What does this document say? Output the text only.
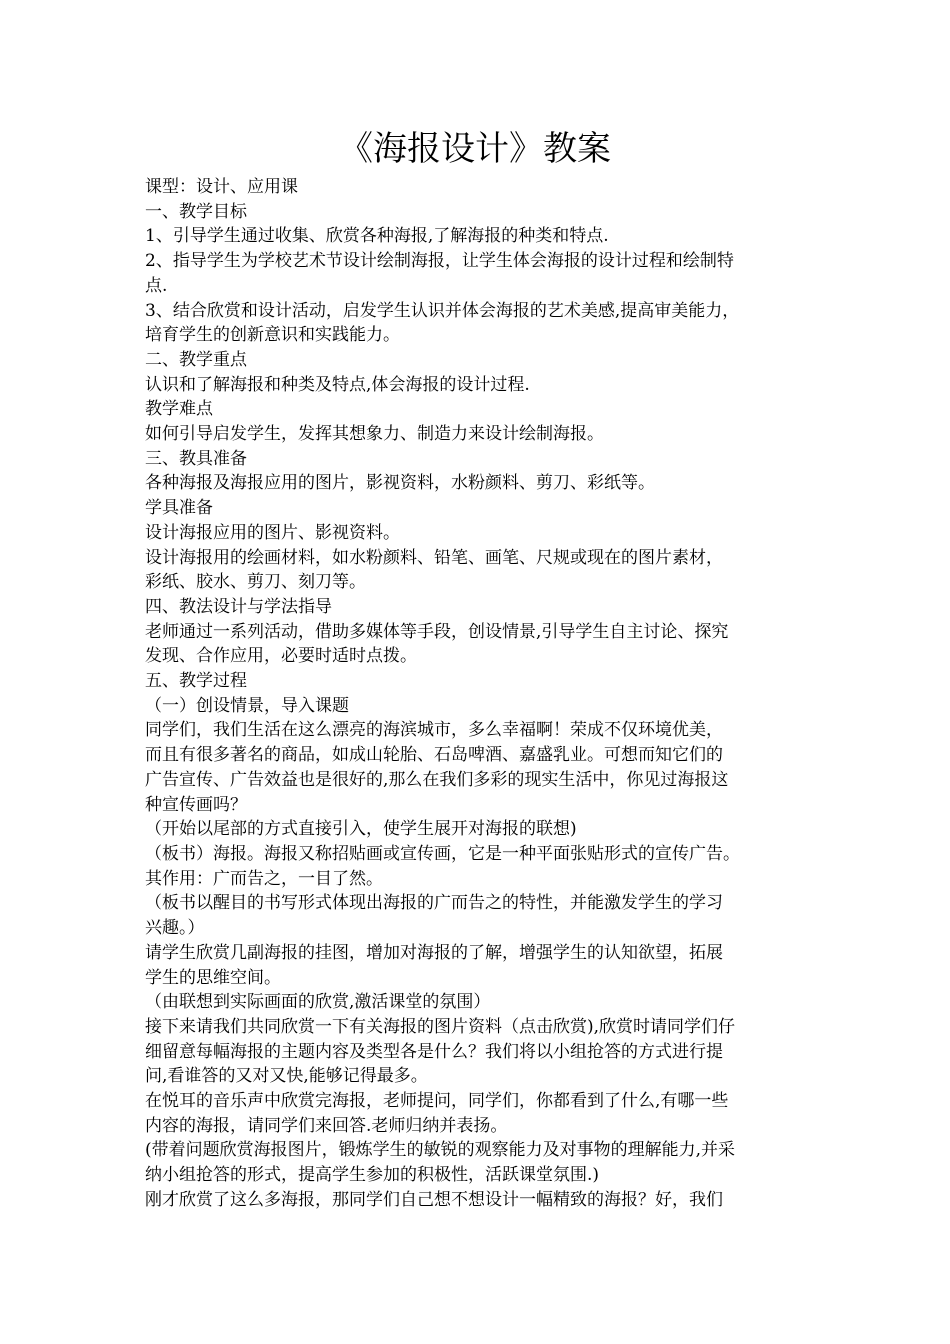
《海报设计》教案

课型：设计、应用课

一、教学目标

1、引导学生通过收集、欣赏各种海报,了解海报的种类和特点.

2、指导学生为学校艺术节设计绘制海报，让学生体会海报的设计过程和绘制特

点.

3、结合欣赏和设计活动，启发学生认识并体会海报的艺术美感,提高审美能力，

培育学生的创新意识和实践能力。

二、教学重点

认识和了解海报和种类及特点,体会海报的设计过程.

教学难点

如何引导启发学生，发挥其想象力、制造力来设计绘制海报。

三、教具准备

各种海报及海报应用的图片，影视资料，水粉颜料、剪刀、彩纸等。

学具准备

设计海报应用的图片、影视资料。

设计海报用的绘画材料，如水粉颜料、铅笔、画笔、尺规或现在的图片素材，

彩纸、胶水、剪刀、刻刀等。

四、教法设计与学法指导

老师通过一系列活动，借助多媒体等手段，创设情景,引导学生自主讨论、探究

发现、合作应用，必要时适时点拨。

五、教学过程

（一）创设情景，导入课题

同学们，我们生活在这么漂亮的海滨城市，多么幸福啊！荣成不仅环境优美，

而且有很多著名的商品，如成山轮胎、石岛啤酒、嘉盛乳业。可想而知它们的

广告宣传、广告效益也是很好的,那么在我们多彩的现实生活中，你见过海报这

种宣传画吗？

（开始以尾部的方式直接引入，使学生展开对海报的联想)

（板书）海报。海报又称招贴画或宣传画，它是一种平面张贴形式的宣传广告。

其作用：广而告之，一目了然。

（板书以醒目的书写形式体现出海报的广而告之的特性，并能激发学生的学习

兴趣。）

请学生欣赏几副海报的挂图，增加对海报的了解，增强学生的认知欲望，拓展

学生的思维空间。

（由联想到实际画面的欣赏,激活课堂的氛围）

接下来请我们共同欣赏一下有关海报的图片资料（点击欣赏),欣赏时请同学们仔

细留意每幅海报的主题内容及类型各是什么？我们将以小组抢答的方式进行提

问,看谁答的又对又快,能够记得最多。

在悦耳的音乐声中欣赏完海报，老师提问，同学们，你都看到了什么,有哪一些

内容的海报，请同学们来回答.老师归纳并表扬。

(带着问题欣赏海报图片，锻炼学生的敏锐的观察能力及对事物的理解能力,并采

纳小组抢答的形式，提高学生参加的积极性，活跃课堂氛围.)

刚才欣赏了这么多海报，那同学们自己想不想设计一幅精致的海报？好，我们
